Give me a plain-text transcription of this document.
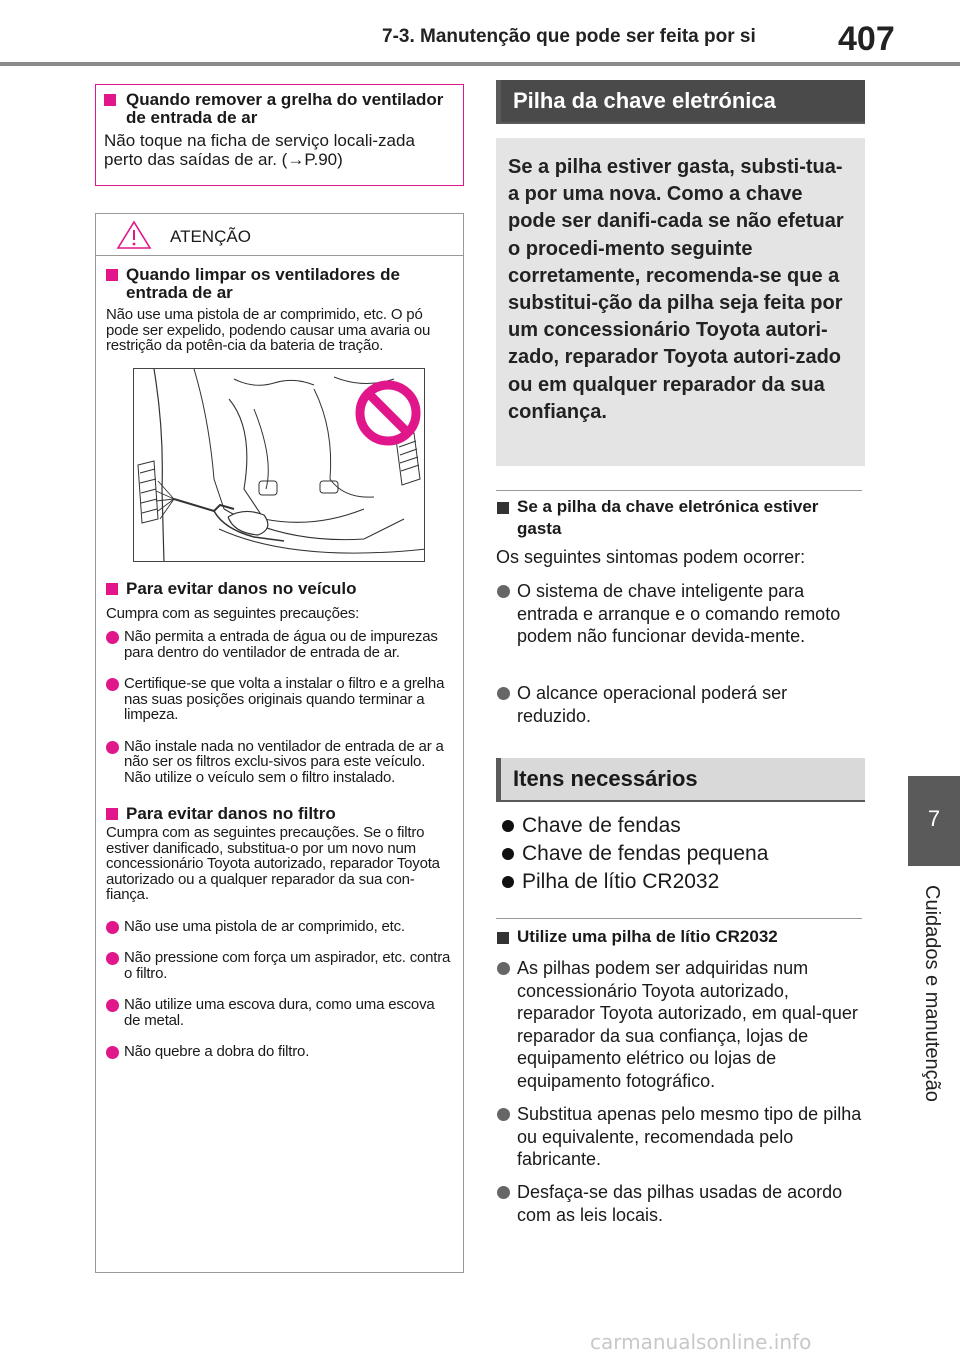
7-3. Manutenção que pode ser feita por si 407
7
Cuidados e manutenção
Quando remover a grelha do ventilador de entrada de ar
Não toque na ficha de serviço locali-zada perto das saídas de ar. (→P.90)
ATENÇÃO
Quando limpar os ventiladores de entrada de ar
Não use uma pistola de ar comprimido, etc. O pó pode ser expelido, podendo causar uma avaria ou restrição da potên-cia da bateria de tração.
Para evitar danos no veículo
Cumpra com as seguintes precauções:
Não permita a entrada de água ou de impurezas para dentro do ventilador de entrada de ar.
Certifique-se que volta a instalar o filtro e a grelha nas suas posições originais quando terminar a limpeza.
Não instale nada no ventilador de entrada de ar a não ser os filtros exclu-sivos para este veículo. Não utilize o veículo sem o filtro instalado.
Para evitar danos no filtro
Cumpra com as seguintes precauções. Se o filtro estiver danificado, substitua-o por um novo num concessionário Toyota autorizado, reparador Toyota autorizado ou a qualquer reparador da sua con-fiança.
Não use uma pistola de ar comprimido, etc.
Não pressione com força um aspirador, etc. contra o filtro.
Não utilize uma escova dura, como uma escova de metal.
Não quebre a dobra do filtro.
Pilha da chave eletrónica
Se a pilha estiver gasta, substi-tua-a por uma nova. Como a chave pode ser danifi-cada se não efetuar o procedi-mento seguinte corretamente, recomenda-se que a substitui-ção da pilha seja feita por um concessionário Toyota autori-zado, reparador Toyota autori-zado ou em qualquer reparador da sua confiança.
Se a pilha da chave eletrónica estiver gasta
Os seguintes sintomas podem ocorrer:
O sistema de chave inteligente para entrada e arranque e o comando remoto podem não funcionar devida-mente.
O alcance operacional poderá ser reduzido.
Itens necessários
Chave de fendas
Chave de fendas pequena
Pilha de lítio CR2032
Utilize uma pilha de lítio CR2032
As pilhas podem ser adquiridas num concessionário Toyota autorizado, reparador Toyota autorizado, em qual-quer reparador da sua confiança, lojas de equipamento elétrico ou lojas de equipamento fotográfico.
Substitua apenas pelo mesmo tipo de pilha ou equivalente, recomendada pelo fabricante.
Desfaça-se das pilhas usadas de acordo com as leis locais.
carmanualsonline.info
